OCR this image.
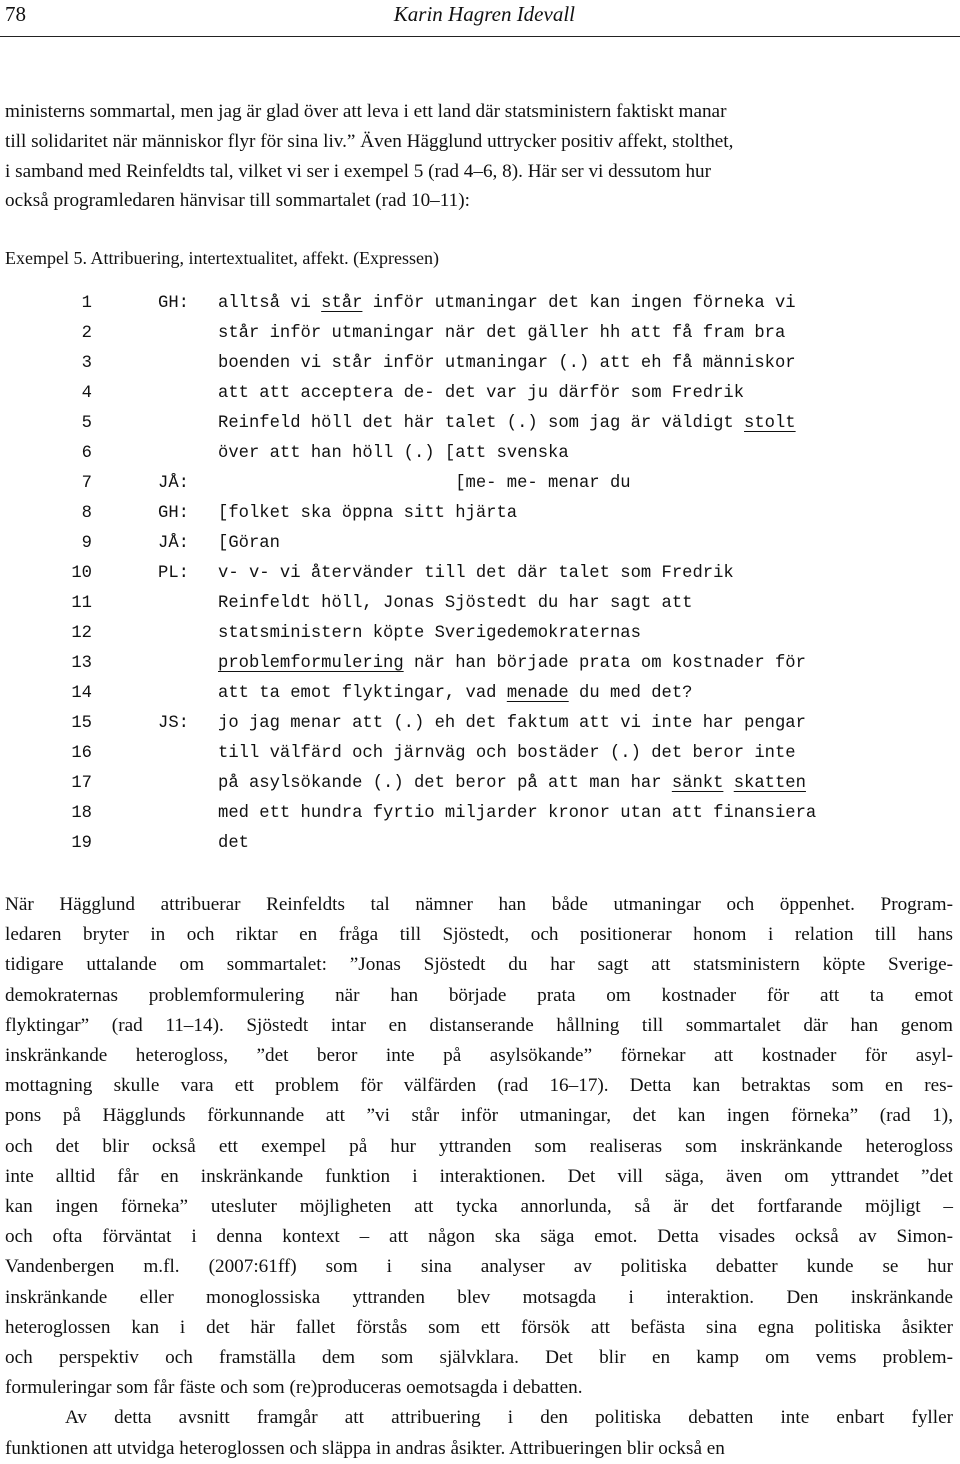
78	Karin Hagren Idevall
ministerns sommartal, men jag är glad över att leva i ett land där statsministern faktiskt manar
till solidaritet när människor flyr för sina liv.” Även Hägglund uttrycker positiv affekt, stolthet,
i samband med Reinfeldts tal, vilket vi ser i exempel 5 (rad 4–6, 8). Här ser vi dessutom hur
också programledaren hänvisar till sommartalet (rad 10–11):
Exempel 5. Attribuering, intertextualitet, affekt. (Expressen)
1	GH: alltså vi står inför utmaningar det kan ingen förneka vi
2	står inför utmaningar när det gäller hh att få fram bra
3	boenden vi står inför utmaningar (.) att eh få människor
4	att att acceptera de- det var ju därför som Fredrik
5	Reinfeld höll det här talet (.) som jag är väldigt stolt
6	över att han höll (.) [att svenska
7	JÅ: [me- me- menar du
8	GH: [folket ska öppna sitt hjärta
9	JÅ: [Göran
10	PL: v- v- vi återvänder till det där talet som Fredrik
11	Reinfeldt höll, Jonas Sjöstedt du har sagt att
12	statsministern köpte Sverigedemokraternas
13	problemformulering när han började prata om kostnader för
14	att ta emot flyktingar, vad menade du med det?
15	JS: jo jag menar att (.) eh det faktum att vi inte har pengar
16	till välfärd och järnväg och bostäder (.) det beror inte
17	på asylsökande (.) det beror på att man har sänkt skatten
18	med ett hundra fyrtio miljarder kronor utan att finansiera
19	det
När Hägglund attribuerar Reinfeldts tal nämner han både utmaningar och öppenhet. Program-
ledaren bryter in och riktar en fråga till Sjöstedt, och positionerar honom i relation till hans
tidigare uttalande om sommartalet: ”Jonas Sjöstedt du har sagt att statsministern köpte Sverige-
demokraternas problemformulering när han började prata om kostnader för att ta emot
flyktingar” (rad 11–14). Sjöstedt intar en distanserande hållning till sommartalet där han genom
inskränkande heterogloss, ”det beror inte på asylsökande” förnekar att kostnader för asyl-
mottagning skulle vara ett problem för välfärden (rad 16–17). Detta kan betraktas som en res-
pons på Hägglunds förkunnande att ”vi står inför utmaningar, det kan ingen förneka” (rad 1),
och det blir också ett exempel på hur yttranden som realiseras som inskränkande heterogloss
inte alltid får en inskränkande funktion i interaktionen. Det vill säga, även om yttrandet ”det
kan ingen förneka” utesluter möjligheten att tycka annorlunda, så är det fortfarande möjligt –
och ofta förväntat i denna kontext – att någon ska säga emot. Detta visades också av Simon-
Vandenbergen m.fl. (2007:61ff) som i sina analyser av politiska debatter kunde se hur
inskränkande eller monoglossiska yttranden blev motsagda i interaktion. Den inskränkande
heteroglossen kan i det här fallet förstås som ett försök att befästa sina egna politiska åsikter
och perspektiv och framställa dem som självklara. Det blir en kamp om vems problem-
formuleringar som får fäste och som (re)produceras oemotsagda i debatten.
Av detta avsnitt framgår att attribuering i den politiska debatten inte enbart fyller
funktionen att utvidga heteroglossen och släppa in andras åsikter. Attribueringen blir också en
